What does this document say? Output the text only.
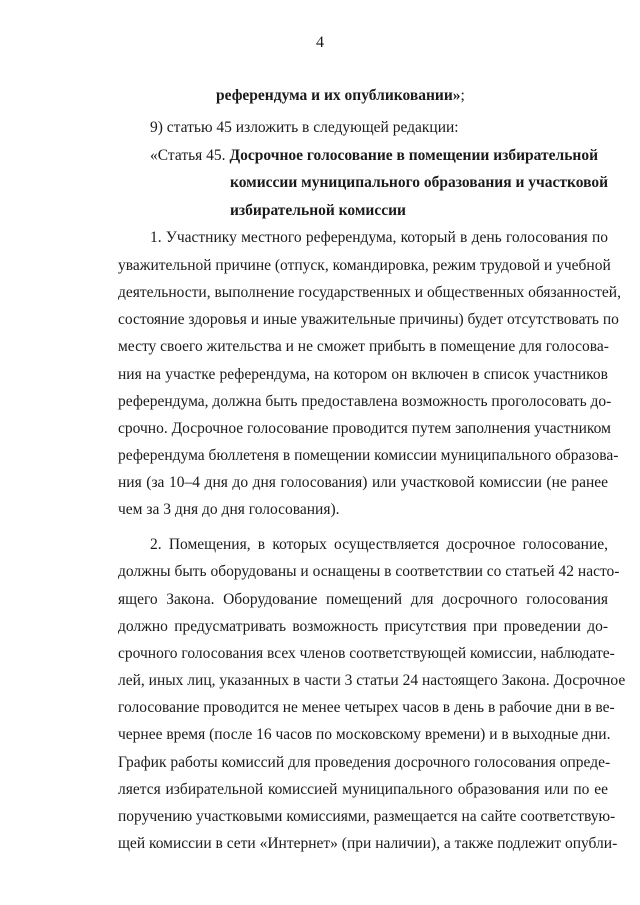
4
референдума и их опубликовании»;
9) статью 45 изложить в следующей редакции:
«Статья 45. Досрочное голосование в помещении избирательной
комиссии муниципального образования и участковой
избирательной комиссии
1. Участнику местного референдума, который в день голосования по
уважительной причине (отпуск, командировка, режим трудовой и учебной
деятельности, выполнение государственных и общественных обязанностей,
состояние здоровья и иные уважительные причины) будет отсутствовать по
месту своего жительства и не сможет прибыть в помещение для голосова-
ния на участке референдума, на котором он включен в список участников
референдума, должна быть предоставлена возможность проголосовать до-
срочно. Досрочное голосование проводится путем заполнения участником
референдума бюллетеня в помещении комиссии муниципального образова-
ния (за 10–4 дня до дня голосования) или участковой комиссии (не ранее
чем за 3 дня до дня голосования).
2. Помещения, в которых осуществляется досрочное голосование,
должны быть оборудованы и оснащены в соответствии со статьей 42 насто-
ящего Закона. Оборудование помещений для досрочного голосования
должно предусматривать возможность присутствия при проведении до-
срочного голосования всех членов соответствующей комиссии, наблюдате-
лей, иных лиц, указанных в части 3 статьи 24 настоящего Закона. Досрочное
голосование проводится не менее четырех часов в день в рабочие дни в ве-
чернее время (после 16 часов по московскому времени) и в выходные дни.
График работы комиссий для проведения досрочного голосования опреде-
ляется избирательной комиссией муниципального образования или по ее
поручению участковыми комиссиями, размещается на сайте соответствую-
щей комиссии в сети «Интернет» (при наличии), а также подлежит опубли-
